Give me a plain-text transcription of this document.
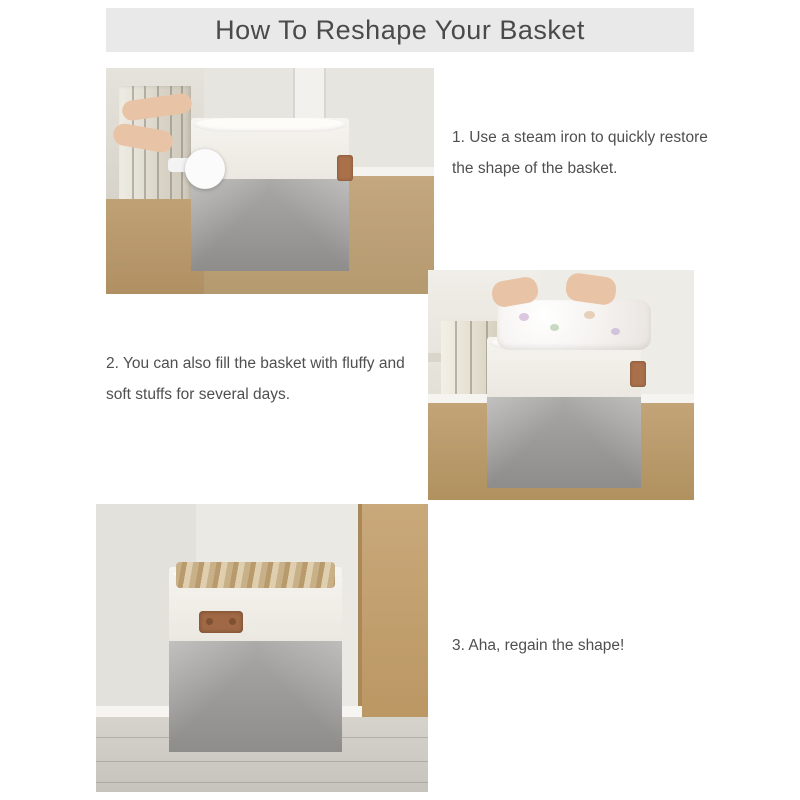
How To Reshape Your Basket
1. Use a steam iron to quickly restore the shape of the basket.
2. You can also fill the basket with fluffy and soft stuffs for several days.
3. Aha, regain the shape!
